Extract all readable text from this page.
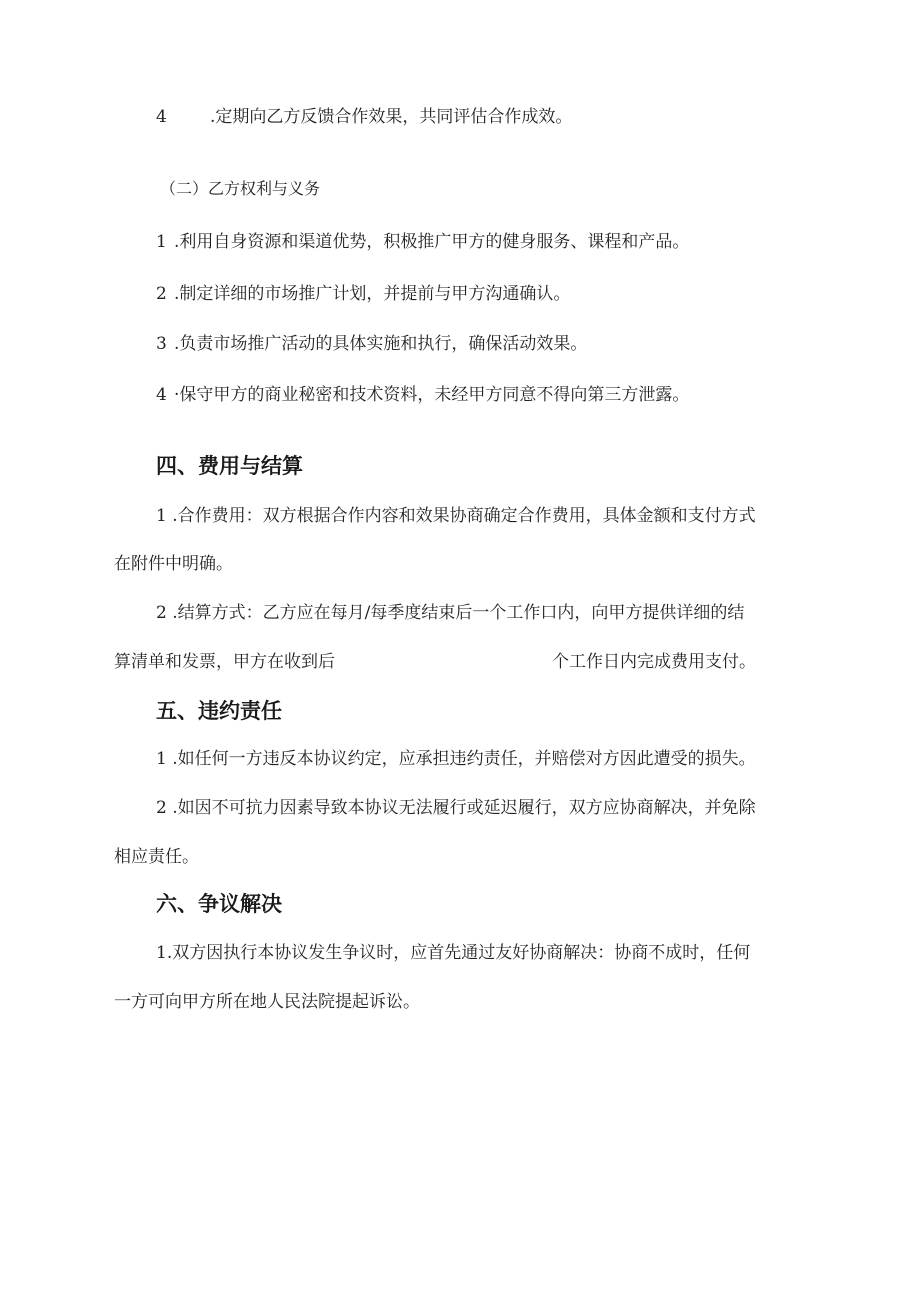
4	.定期向乙方反馈合作效果，共同评估合作成效。
（二）乙方权利与义务
1 .利用自身资源和渠道优势，积极推广甲方的健身服务、课程和产品。
2 .制定详细的市场推广计划，并提前与甲方沟通确认。
3 .负责市场推广活动的具体实施和执行，确保活动效果。
4 ·保守甲方的商业秘密和技术资料，未经甲方同意不得向第三方泄露。
四、费用与结算
1 .合作费用：双方根据合作内容和效果协商确定合作费用，具体金额和支付方式
在附件中明确。
2 .结算方式：乙方应在每月/每季度结束后一个工作口内，向甲方提供详细的结
算清单和发票，甲方在收到后	个工作日内完成费用支付。
五、违约责任
1 .如任何一方违反本协议约定，应承担违约责任，并赔偿对方因此遭受的损失。
2 .如因不可抗力因素导致本协议无法履行或延迟履行，双方应协商解决，并免除
相应责任。
六、争议解决
1.双方因执行本协议发生争议时，应首先通过友好协商解决：协商不成时，任何
一方可向甲方所在地人民法院提起诉讼。
